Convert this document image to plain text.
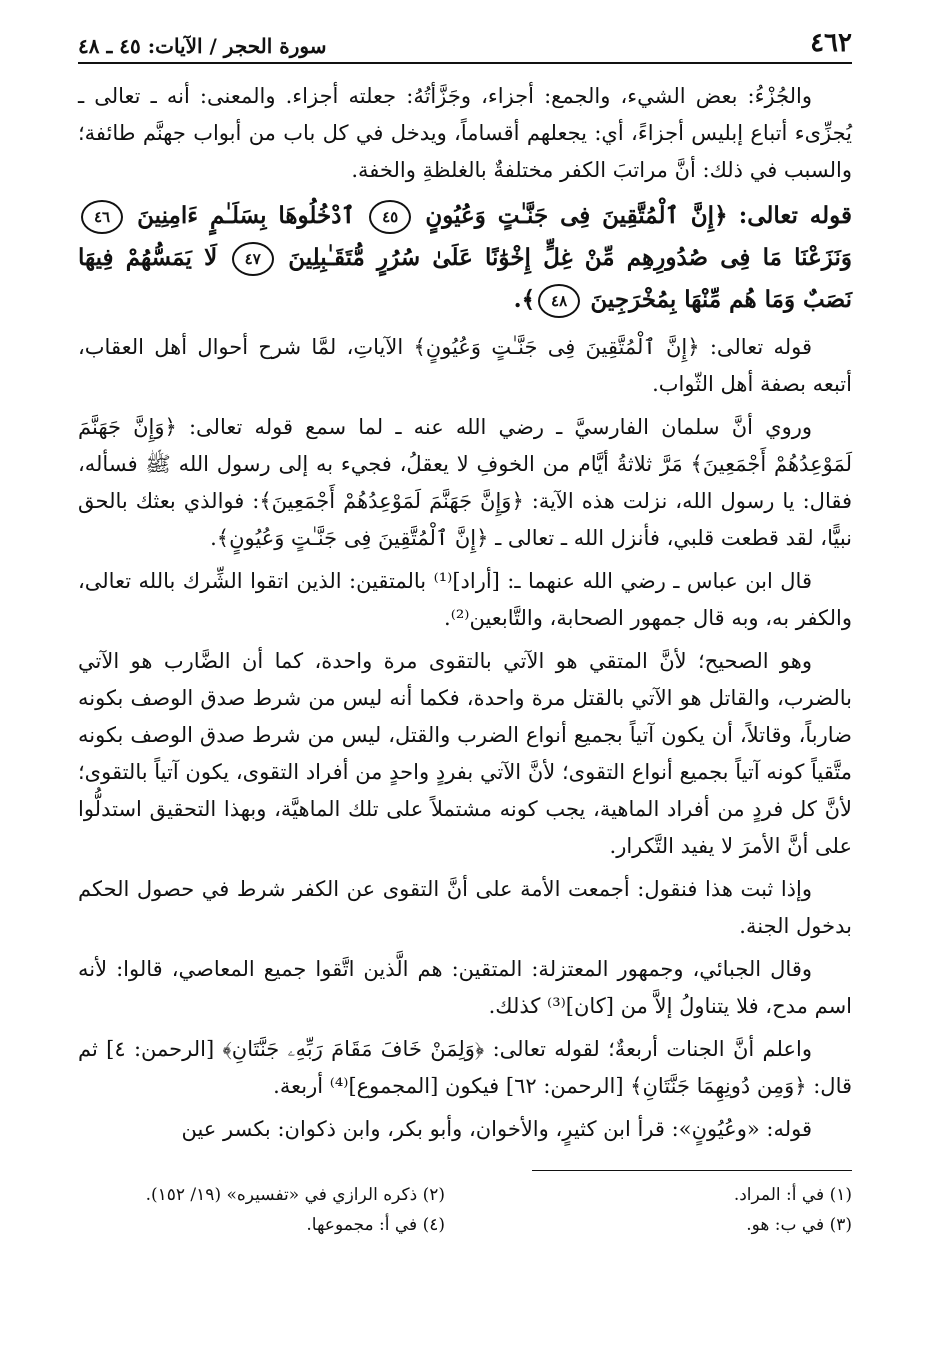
٤٦٢
سورة الحجر / الآيات: ٤٥ ـ ٤٨

والجُزْءُ: بعض الشيء، والجمع: أجزاء، وجَزَّأتُهُ: جعلته أجزاء. والمعنى: أنه ـ تعالى ـ يُجزِّىء أتباع إبليس أجزاءً، أي: يجعلهم أقساماً، ويدخل في كل باب من أبواب جهنَّم طائفة؛ والسبب في ذلك: أنَّ مراتبَ الكفر مختلفةٌ بالغلظةِ والخفة.

قوله تعالى: ﴿إِنَّ ٱلْمُتَّقِينَ فِى جَنَّـٰتٍ وَعُيُونٍ ٤٥ ٱدْخُلُوهَا بِسَلَـٰمٍ ءَامِنِينَ ٤٦ وَنَزَعْنَا مَا فِى صُدُورِهِم مِّنْ غِلٍّ إِخْوَٰنًا عَلَىٰ سُرُرٍ مُّتَقَـٰبِلِينَ ٤٧ لَا يَمَسُّهُمْ فِيهَا نَصَبٌ وَمَا هُم مِّنْهَا بِمُخْرَجِينَ ٤٨﴾.

قوله تعالى: ﴿إِنَّ ٱلْمُتَّقِينَ فِى جَنَّـٰتٍ وَعُيُونٍ﴾ الآياتِ، لمَّا شرح أحوال أهل العقاب، أتبعه بصفة أهل الثّواب.

وروي أنَّ سلمان الفارسيَّ ـ رضي الله عنه ـ لما سمع قوله تعالى: ﴿وَإِنَّ جَهَنَّمَ لَمَوْعِدُهُمْ أَجْمَعِينَ﴾ مَرَّ ثلاثةُ أيَّام من الخوفِ لا يعقلُ، فجيء به إلى رسول الله ﷺ فسأله، فقال: يا رسول الله، نزلت هذه الآية: ﴿وَإِنَّ جَهَنَّمَ لَمَوْعِدُهُمْ أَجْمَعِينَ﴾: فوالذي بعثك بالحق نبيًّا، لقد قطعت قلبي، فأنزل الله ـ تعالى ـ ﴿إِنَّ ٱلْمُتَّقِينَ فِى جَنَّـٰتٍ وَعُيُونٍ﴾.

قال ابن عباس ـ رضي الله عنهما ـ: [أراد]⁽¹⁾ بالمتقين: الذين اتقوا الشِّرك بالله تعالى، والكفر به، وبه قال جمهور الصحابة، والتَّابعين⁽²⁾.

وهو الصحيح؛ لأنَّ المتقي هو الآتي بالتقوى مرة واحدة، كما أن الضَّارب هو الآتي بالضرب، والقاتل هو الآتي بالقتل مرة واحدة، فكما أنه ليس من شرط صدق الوصف بكونه ضارباً، وقاتلاً، أن يكون آتياً بجميع أنواع الضرب والقتل، ليس من شرط صدق الوصف بكونه متَّقياً كونه آتياً بجميع أنواع التقوى؛ لأنَّ الآتي بفردٍ واحدٍ من أفراد التقوى، يكون آتياً بالتقوى؛ لأنَّ كل فردٍ من أفراد الماهية، يجب كونه مشتملاً على تلك الماهيَّة، وبهذا التحقيق استدلُّوا على أنَّ الأمرَ لا يفيد التَّكرار.

وإذا ثبت هذا فنقول: أجمعت الأمة على أنَّ التقوى عن الكفر شرط في حصول الحكم بدخول الجنة.

وقال الجبائي، وجمهور المعتزلة: المتقين: هم الَّذين اتَّقوا جميع المعاصي، قالوا: لأنه اسم مدح، فلا يتناولُ إلاَّ من [كان]⁽³⁾ كذلك.

واعلم أنَّ الجنات أربعةٌ؛ لقوله تعالى: ﴿وَلِمَنْ خَافَ مَقَامَ رَبِّهِۦ جَنَّتَانِ﴾ [الرحمن: ٤] ثم قال: ﴿وَمِن دُونِهِمَا جَنَّتَانِ﴾ [الرحمن: ٦٢] فيكون [المجموع]⁽⁴⁾ أربعة.

قوله: «وعُيُونٍ»: قرأ ابن كثيرٍ، والأخوان، وأبو بكر، وابن ذكوان: بكسر عين

(١) في أ: المراد.
(٢) ذكره الرازي في «تفسيره» (١٩/ ١٥٢).
(٣) في ب: هو.
(٤) في أ: مجموعها.
